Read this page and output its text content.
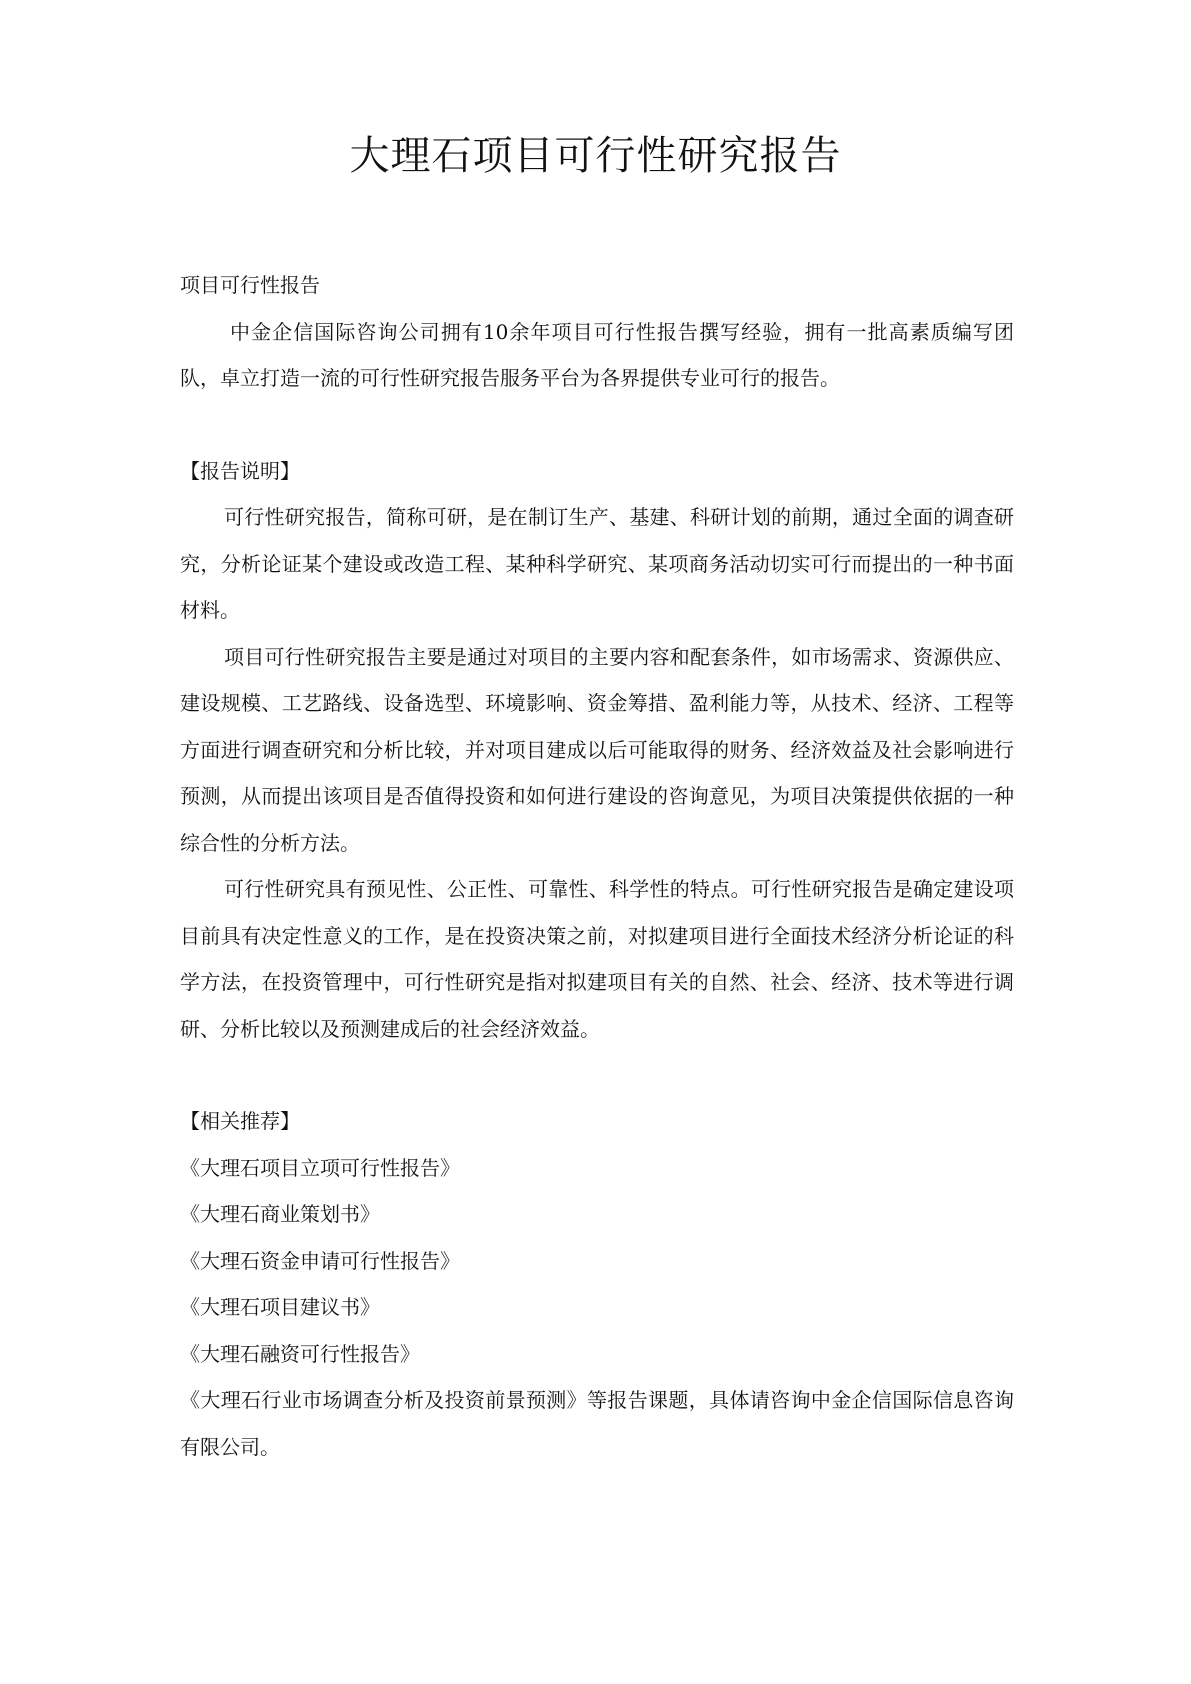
大理石项目可行性研究报告

项目可行性报告

中金企信国际咨询公司拥有10余年项目可行性报告撰写经验，拥有一批高素质编写团队，卓立打造一流的可行性研究报告服务平台为各界提供专业可行的报告。

【报告说明】

可行性研究报告，简称可研，是在制订生产、基建、科研计划的前期，通过全面的调查研究，分析论证某个建设或改造工程、某种科学研究、某项商务活动切实可行而提出的一种书面材料。

项目可行性研究报告主要是通过对项目的主要内容和配套条件，如市场需求、资源供应、建设规模、工艺路线、设备选型、环境影响、资金筹措、盈利能力等，从技术、经济、工程等方面进行调查研究和分析比较，并对项目建成以后可能取得的财务、经济效益及社会影响进行预测，从而提出该项目是否值得投资和如何进行建设的咨询意见，为项目决策提供依据的一种综合性的分析方法。

可行性研究具有预见性、公正性、可靠性、科学性的特点。可行性研究报告是确定建设项目前具有决定性意义的工作，是在投资决策之前，对拟建项目进行全面技术经济分析论证的科学方法，在投资管理中，可行性研究是指对拟建项目有关的自然、社会、经济、技术等进行调研、分析比较以及预测建成后的社会经济效益。

【相关推荐】

《大理石项目立项可行性报告》

《大理石商业策划书》

《大理石资金申请可行性报告》

《大理石项目建议书》

《大理石融资可行性报告》

《大理石行业市场调查分析及投资前景预测》等报告课题，具体请咨询中金企信国际信息咨询有限公司。
